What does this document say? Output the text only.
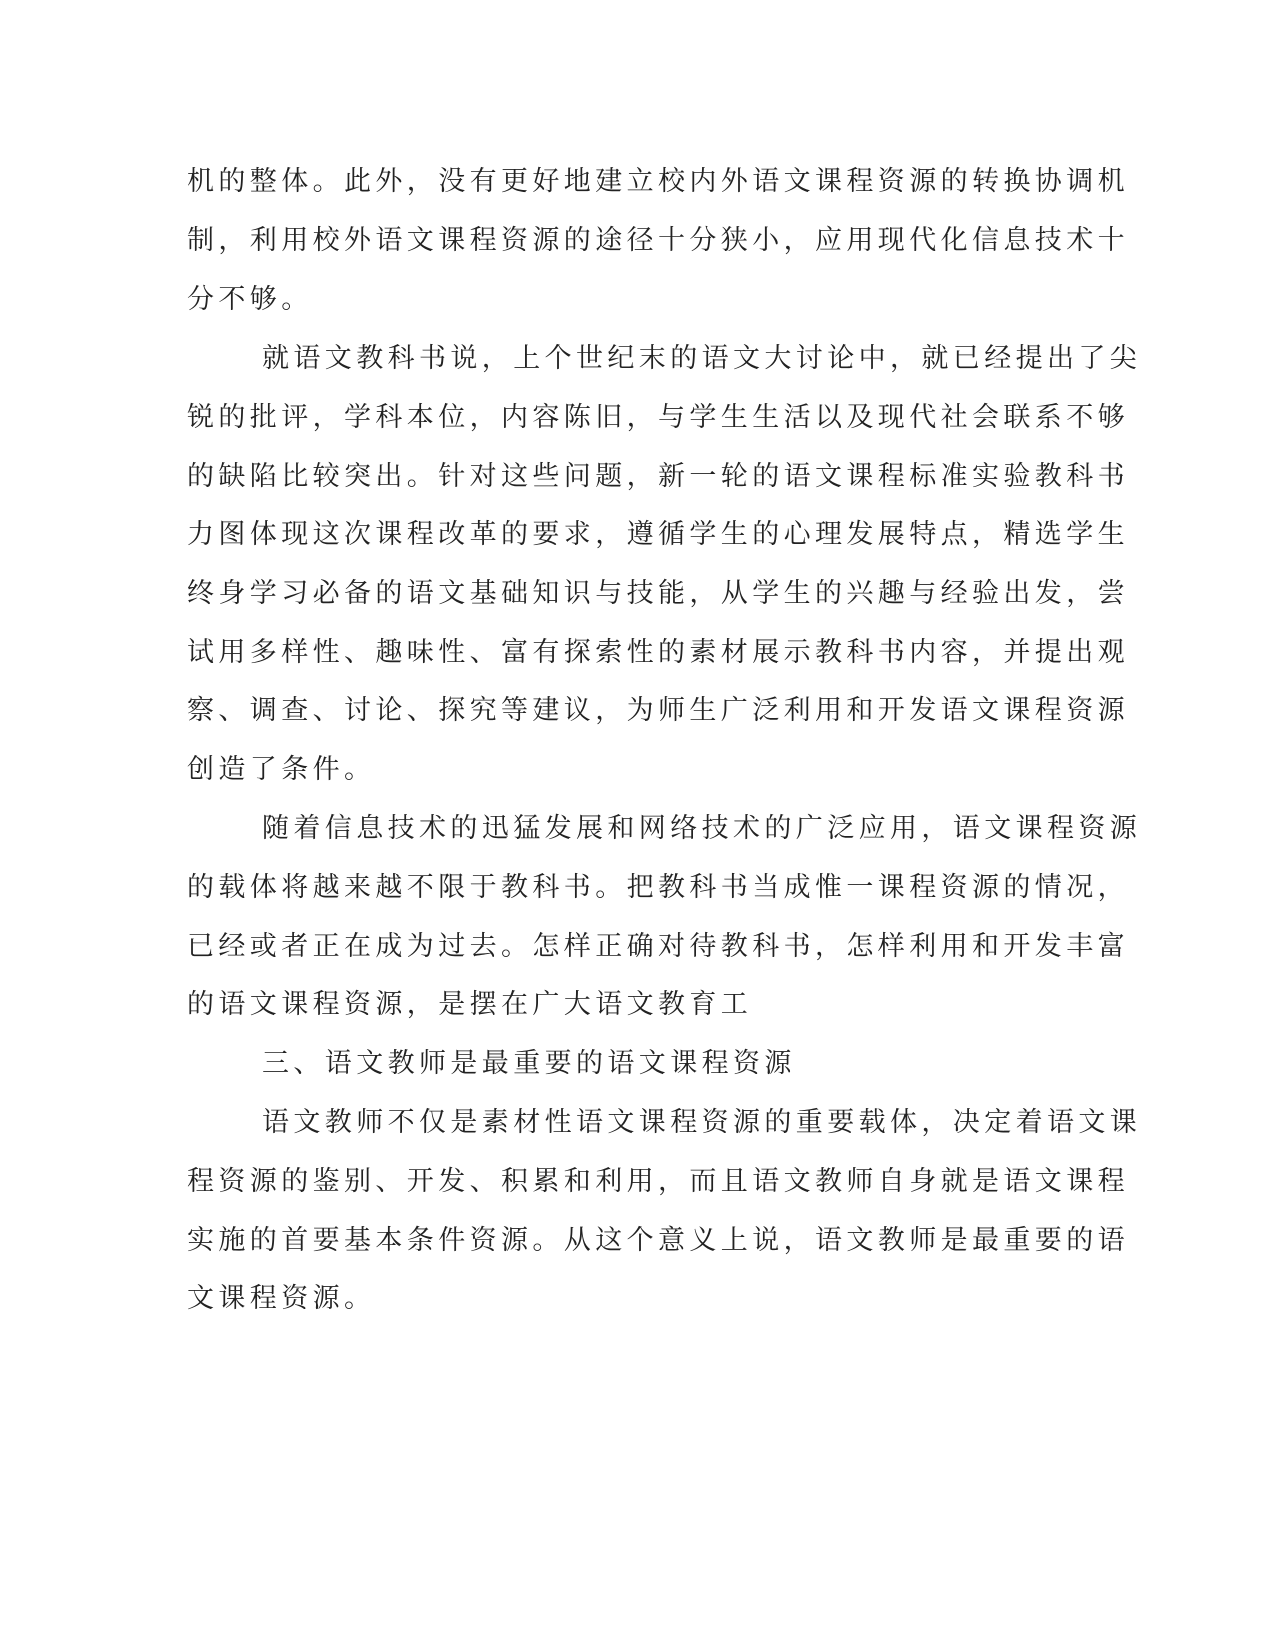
机的整体。此外，没有更好地建立校内外语文课程资源的转换协调机
制，利用校外语文课程资源的途径十分狭小，应用现代化信息技术十
分不够。
就语文教科书说，上个世纪末的语文大讨论中，就已经提出了尖
锐的批评，学科本位，内容陈旧，与学生生活以及现代社会联系不够
的缺陷比较突出。针对这些问题，新一轮的语文课程标准实验教科书
力图体现这次课程改革的要求，遵循学生的心理发展特点，精选学生
终身学习必备的语文基础知识与技能，从学生的兴趣与经验出发，尝
试用多样性、趣味性、富有探索性的素材展示教科书内容，并提出观
察、调查、讨论、探究等建议，为师生广泛利用和开发语文课程资源
创造了条件。
随着信息技术的迅猛发展和网络技术的广泛应用，语文课程资源
的载体将越来越不限于教科书。把教科书当成惟一课程资源的情况，
已经或者正在成为过去。怎样正确对待教科书，怎样利用和开发丰富
的语文课程资源，是摆在广大语文教育工
三、语文教师是最重要的语文课程资源
语文教师不仅是素材性语文课程资源的重要载体，决定着语文课
程资源的鉴别、开发、积累和利用，而且语文教师自身就是语文课程
实施的首要基本条件资源。从这个意义上说，语文教师是最重要的语
文课程资源。
